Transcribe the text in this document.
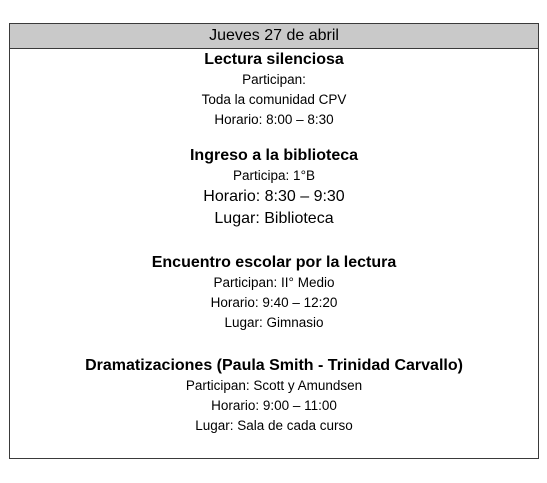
Jueves 27 de abril
Lectura silenciosa
Participan:
Toda la comunidad CPV
Horario: 8:00 – 8:30
Ingreso a la biblioteca
Participa: 1°B
Horario: 8:30 – 9:30
Lugar: Biblioteca
Encuentro escolar por la lectura
Participan: II° Medio
Horario: 9:40 – 12:20
Lugar: Gimnasio
Dramatizaciones (Paula Smith - Trinidad Carvallo)
Participan: Scott y Amundsen
Horario: 9:00 – 11:00
Lugar: Sala de cada curso
